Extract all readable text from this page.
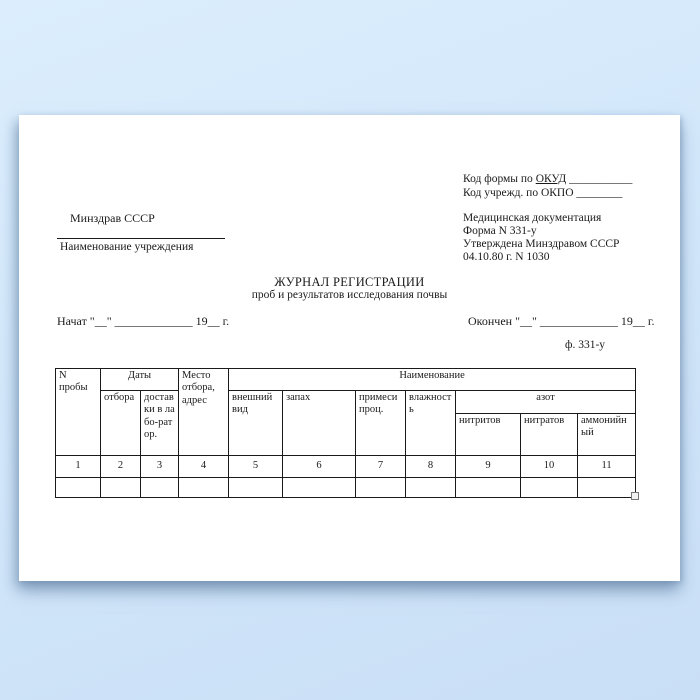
Код формы по ОКУД ___________
Код учрежд. по ОКПО ________
Минздрав СССР
Наименование учреждения
Медицинская документация
Форма N 331-у
Утверждена Минздравом СССР
04.10.80 г. N 1030
ЖУРНАЛ РЕГИСТРАЦИИ
проб и результатов исследования почвы
Начат "__" _____________ 19__ г.	Окончен "__" _____________ 19__ г.
ф. 331-у
N пробы	Даты		Место отбора, адрес	Наименование						
	отбора	доставки в лабо-ратор.		внешний вид	запах	примеси проц.	влажность	азот		
								нитритов	нитратов	аммонийный
1	2	3	4	5	6	7	8	9	10	11
